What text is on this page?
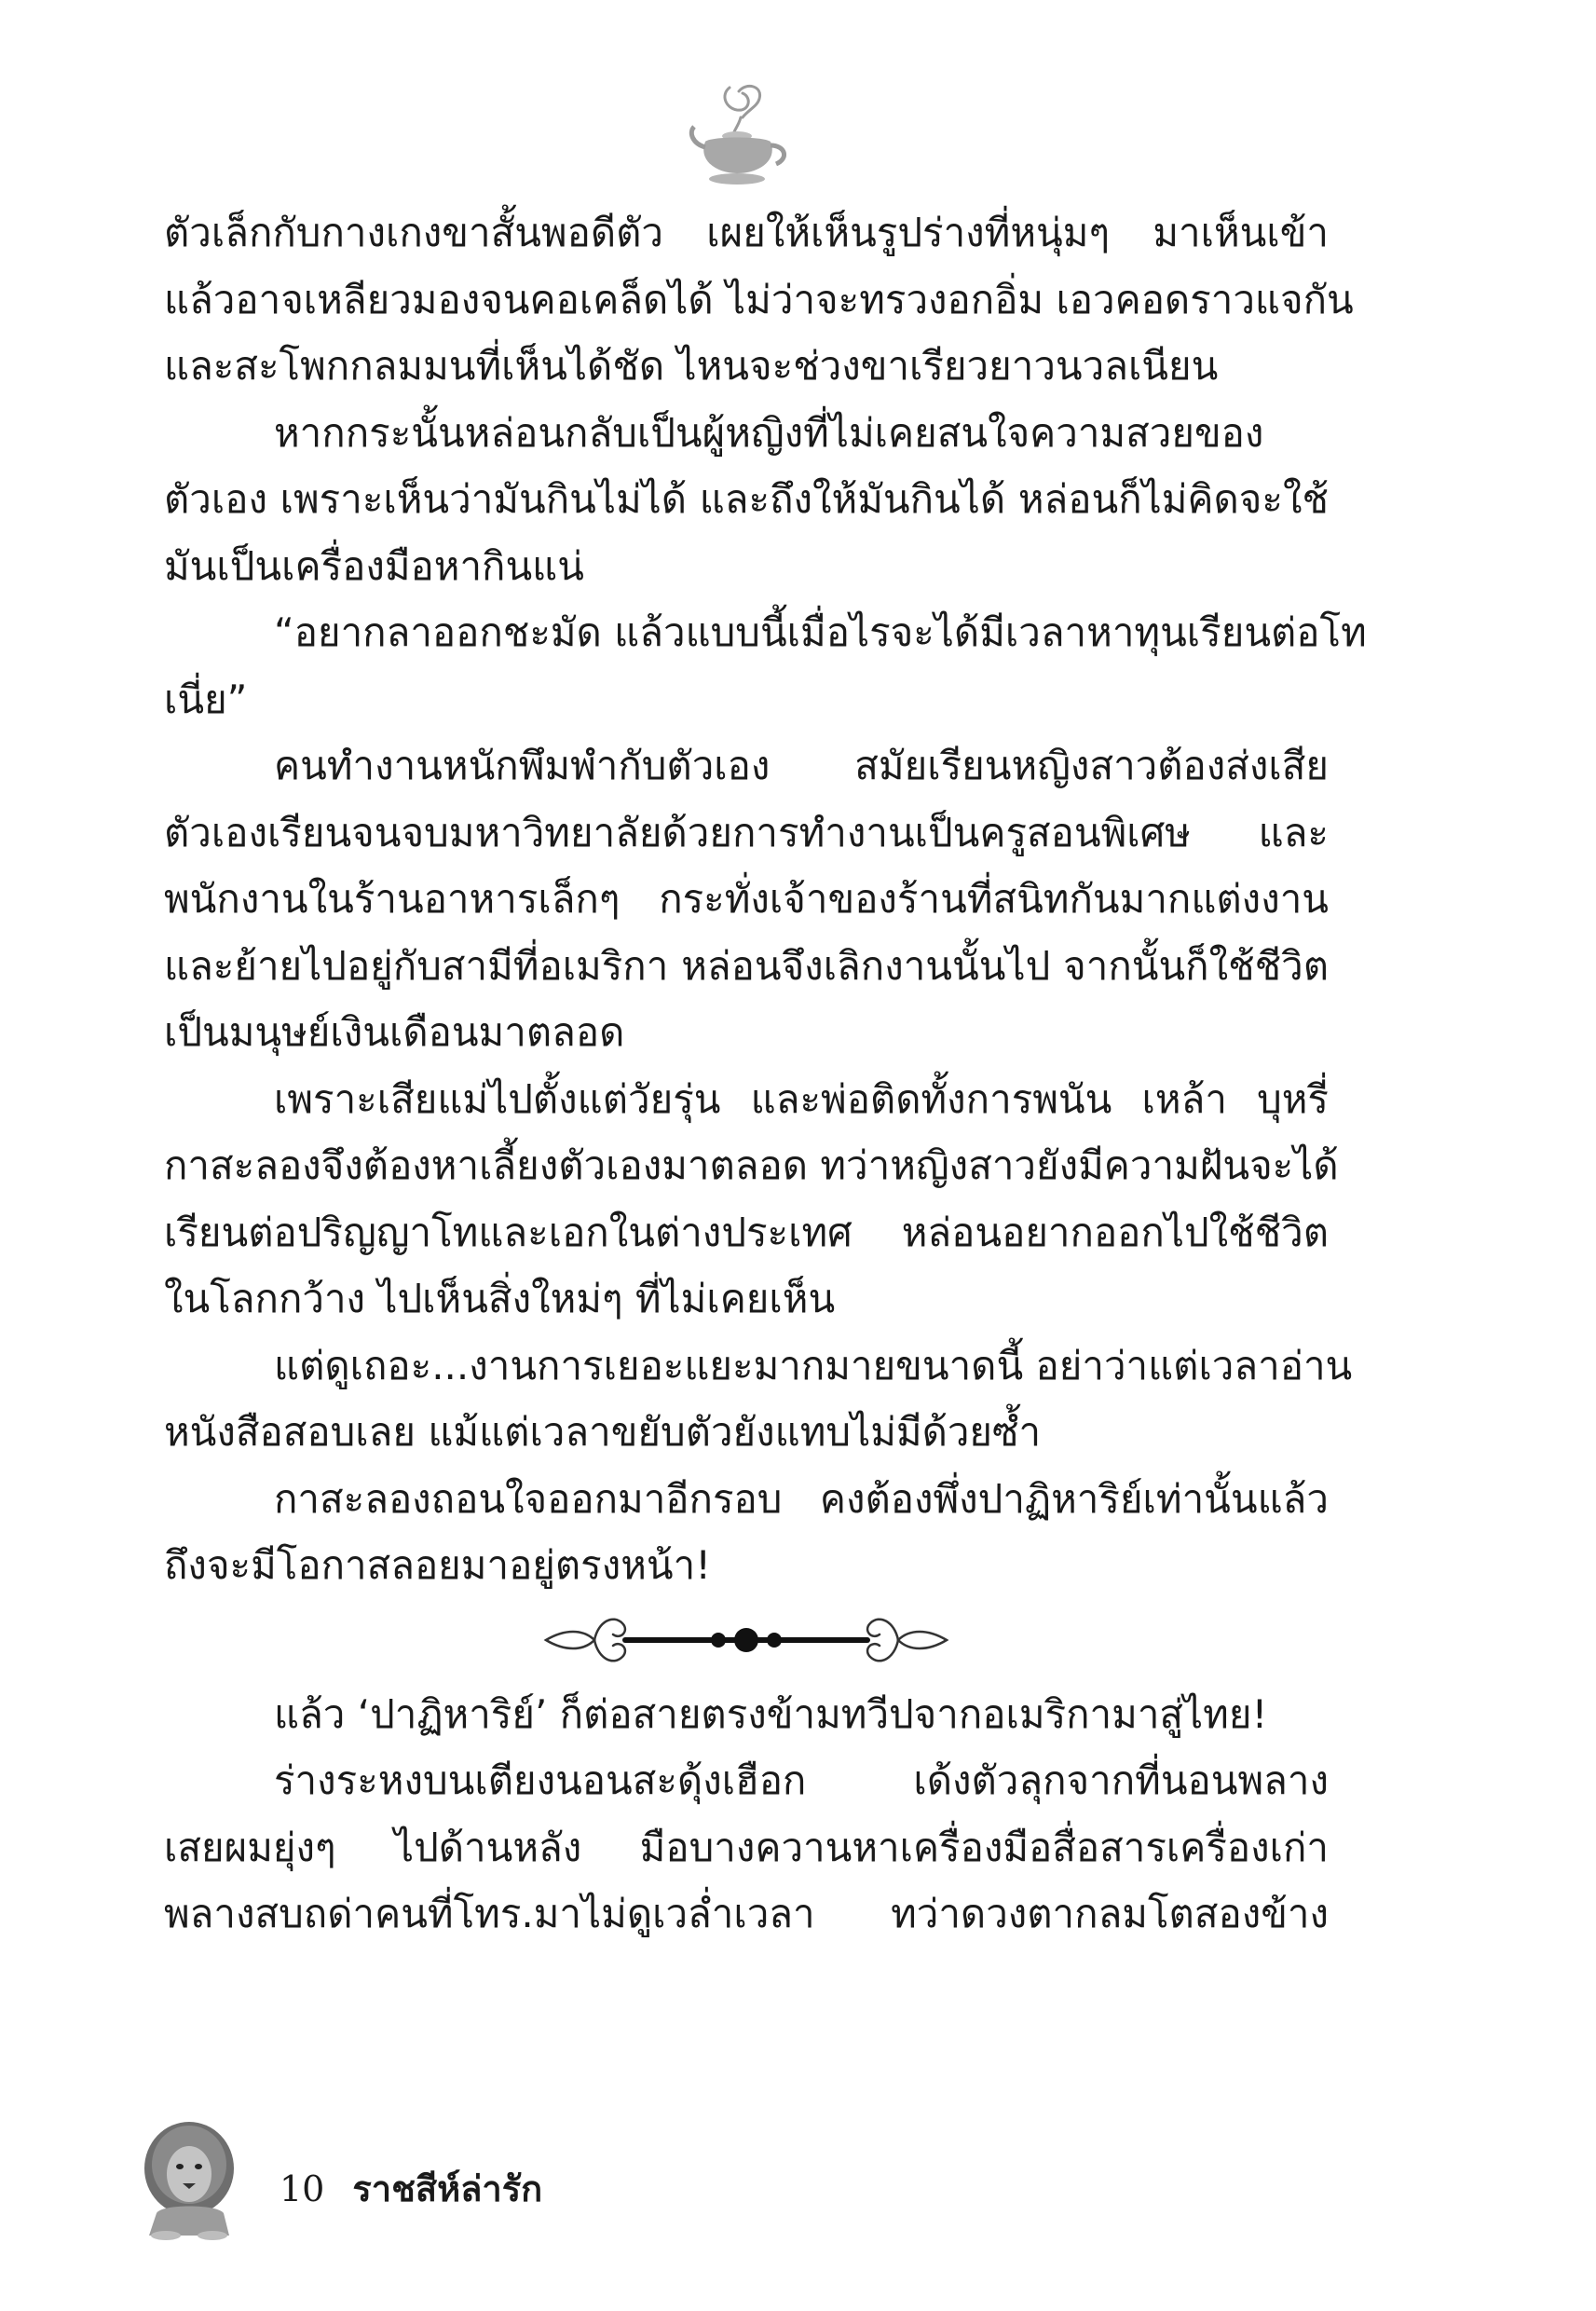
ตัวเล็กกับกางเกงขาสั้นพอดีตัว เผยให้เห็นรูปร่างที่หนุ่มๆ มาเห็นเข้า
แล้วอาจเหลียวมองจนคอเคล็ดได้ ไม่ว่าจะทรวงอกอิ่ม เอวคอดราวแจกัน
และสะโพกกลมมนที่เห็นได้ชัด ไหนจะช่วงขาเรียวยาวนวลเนียน
หากกระนั้นหล่อนกลับเป็นผู้หญิงที่ไม่เคยสนใจความสวยของ
ตัวเอง เพราะเห็นว่ามันกินไม่ได้ และถึงให้มันกินได้ หล่อนก็ไม่คิดจะใช้
มันเป็นเครื่องมือหากินแน่
“อยากลาออกชะมัด แล้วแบบนี้เมื่อไรจะได้มีเวลาหาทุนเรียนต่อโท
เนี่ย”
คนทำงานหนักพึมพำกับตัวเอง สมัยเรียนหญิงสาวต้องส่งเสีย
ตัวเองเรียนจนจบมหาวิทยาลัยด้วยการทำงานเป็นครูสอนพิเศษ และ
พนักงานในร้านอาหารเล็กๆ กระทั่งเจ้าของร้านที่สนิทกันมากแต่งงาน
และย้ายไปอยู่กับสามีที่อเมริกา หล่อนจึงเลิกงานนั้นไป จากนั้นก็ใช้ชีวิต
เป็นมนุษย์เงินเดือนมาตลอด
เพราะเสียแม่ไปตั้งแต่วัยรุ่น และพ่อติดทั้งการพนัน เหล้า บุหรี่
กาสะลองจึงต้องหาเลี้ยงตัวเองมาตลอด ทว่าหญิงสาวยังมีความฝันจะได้
เรียนต่อปริญญาโทและเอกในต่างประเทศ หล่อนอยากออกไปใช้ชีวิต
ในโลกกว้าง ไปเห็นสิ่งใหม่ๆ ที่ไม่เคยเห็น
แต่ดูเถอะ...งานการเยอะแยะมากมายขนาดนี้ อย่าว่าแต่เวลาอ่าน
หนังสือสอบเลย แม้แต่เวลาขยับตัวยังแทบไม่มีด้วยซ้ำ
กาสะลองถอนใจออกมาอีกรอบ คงต้องพึ่งปาฏิหาริย์เท่านั้นแล้ว
ถึงจะมีโอกาสลอยมาอยู่ตรงหน้า!
แล้ว ‘ปาฏิหาริย์’ ก็ต่อสายตรงข้ามทวีปจากอเมริกามาสู่ไทย!
ร่างระหงบนเตียงนอนสะดุ้งเฮือก เด้งตัวลุกจากที่นอนพลาง
เสยผมยุ่งๆ ไปด้านหลัง มือบางควานหาเครื่องมือสื่อสารเครื่องเก่า
พลางสบถด่าคนที่โทร.มาไม่ดูเวล่ำเวลา ทว่าดวงตากลมโตสองข้าง
10 ราชสีห์ล่ารัก
